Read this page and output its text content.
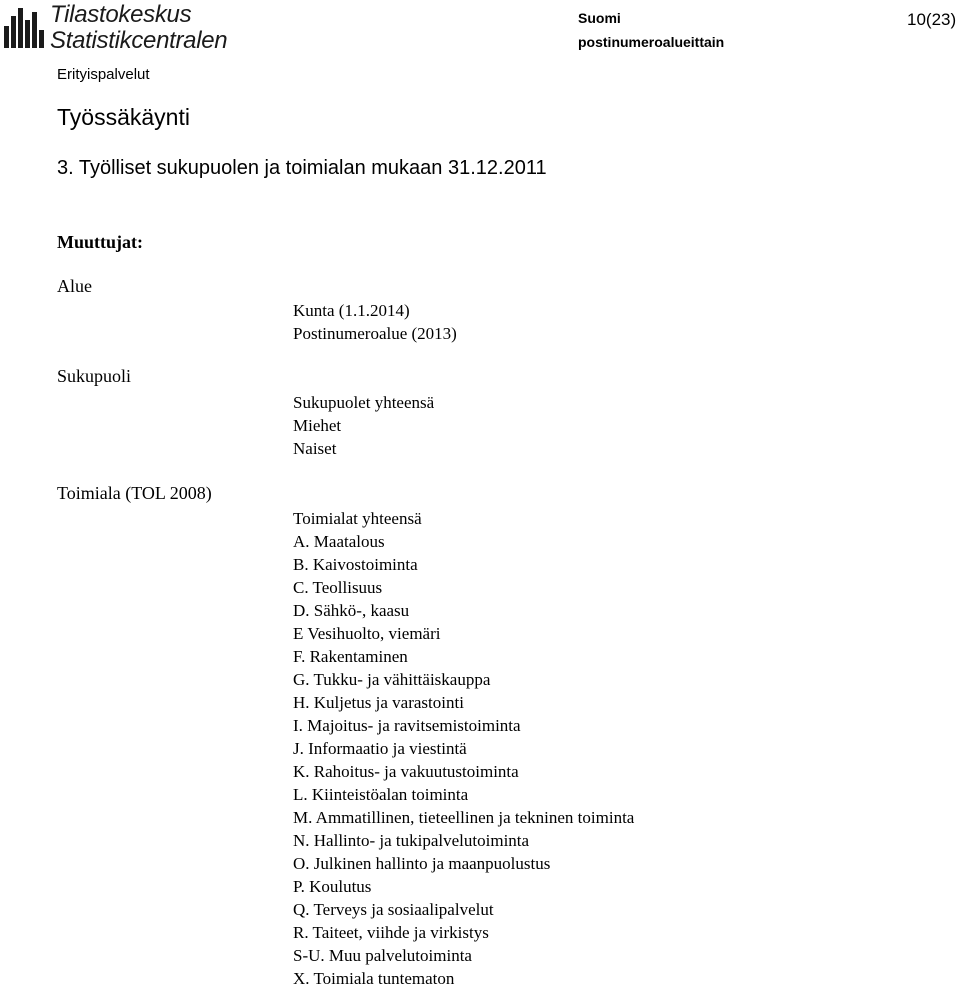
Tilastokeskus
Statistikcentralen
Suomi
postinumeroalueittain
10(23)
Erityispalvelut
Työssäkäynti
3. Työlliset sukupuolen ja toimialan mukaan 31.12.2011
Muuttujat:
Alue
Kunta (1.1.2014)
Postinumeroalue (2013)
Sukupuoli
Sukupuolet yhteensä
Miehet
Naiset
Toimiala (TOL 2008)
Toimialat yhteensä
A. Maatalous
B. Kaivostoiminta
C. Teollisuus
D. Sähkö-, kaasu
E Vesihuolto, viemäri
F. Rakentaminen
G. Tukku- ja vähittäiskauppa
H. Kuljetus ja varastointi
I. Majoitus- ja ravitsemistoiminta
J. Informaatio ja viestintä
K. Rahoitus- ja vakuutustoiminta
L. Kiinteistöalan toiminta
M. Ammatillinen, tieteellinen ja tekninen toiminta
N. Hallinto- ja tukipalvelutoiminta
O. Julkinen hallinto ja maanpuolustus
P. Koulutus
Q. Terveys ja sosiaalipalvelut
R. Taiteet, viihde ja virkistys
S-U. Muu palvelutoiminta
X. Toimiala tuntematon
